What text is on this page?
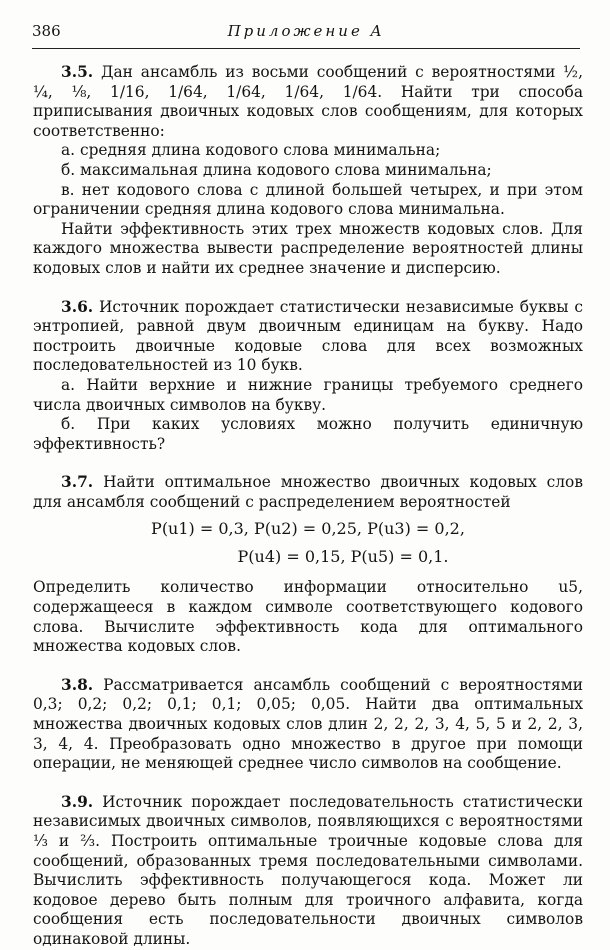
386	Приложение A

3.5. Дан ансамбль из восьми сообщений с вероятностями ½, ¼, ⅛, 1/16, 1/64, 1/64, 1/64, 1/64. Найти три способа приписывания двоичных кодовых слов сообщениям, для которых соответственно:

а. средняя длина кодового слова минимальна;

б. максимальная длина кодового слова минимальна;

в. нет кодового слова с длиной большей четырех, и при этом ограничении средняя длина кодового слова минимальна.

Найти эффективность этих трех множеств кодовых слов. Для каждого множества вывести распределение вероятностей длины кодовых слов и найти их среднее значение и дисперсию.

3.6. Источник порождает статистически независимые буквы с энтропией, равной двум двоичным единицам на букву. Надо построить двоичные кодовые слова для всех возможных последовательностей из 10 букв.

а. Найти верхние и нижние границы требуемого среднего числа двоичных символов на букву.

б. При каких условиях можно получить единичную эффективность?

3.7. Найти оптимальное множество двоичных кодовых слов для ансамбля сообщений с распределением вероятностей

P(u1) = 0,3, P(u2) = 0,25, P(u3) = 0,2,
P(u4) = 0,15, P(u5) = 0,1.

Определить количество информации относительно u5, содержащееся в каждом символе соответствующего кодового слова. Вычислите эффективность кода для оптимального множества кодовых слов.

3.8. Рассматривается ансамбль сообщений с вероятностями 0,3; 0,2; 0,2; 0,1; 0,1; 0,05; 0,05. Найти два оптимальных множества двоичных кодовых слов длин 2, 2, 2, 3, 4, 5, 5 и 2, 2, 3, 3, 4, 4. Преобразовать одно множество в другое при помощи операции, не меняющей среднее число символов на сообщение.

3.9. Источник порождает последовательность статистически независимых двоичных символов, появляющихся с вероятностями ⅓ и ⅔. Построить оптимальные троичные кодовые слова для сообщений, образованных тремя последовательными символами. Вычислить эффективность получающегося кода. Может ли кодовое дерево быть полным для троичного алфавита, когда сообщения есть последовательности двоичных символов одинаковой длины.
